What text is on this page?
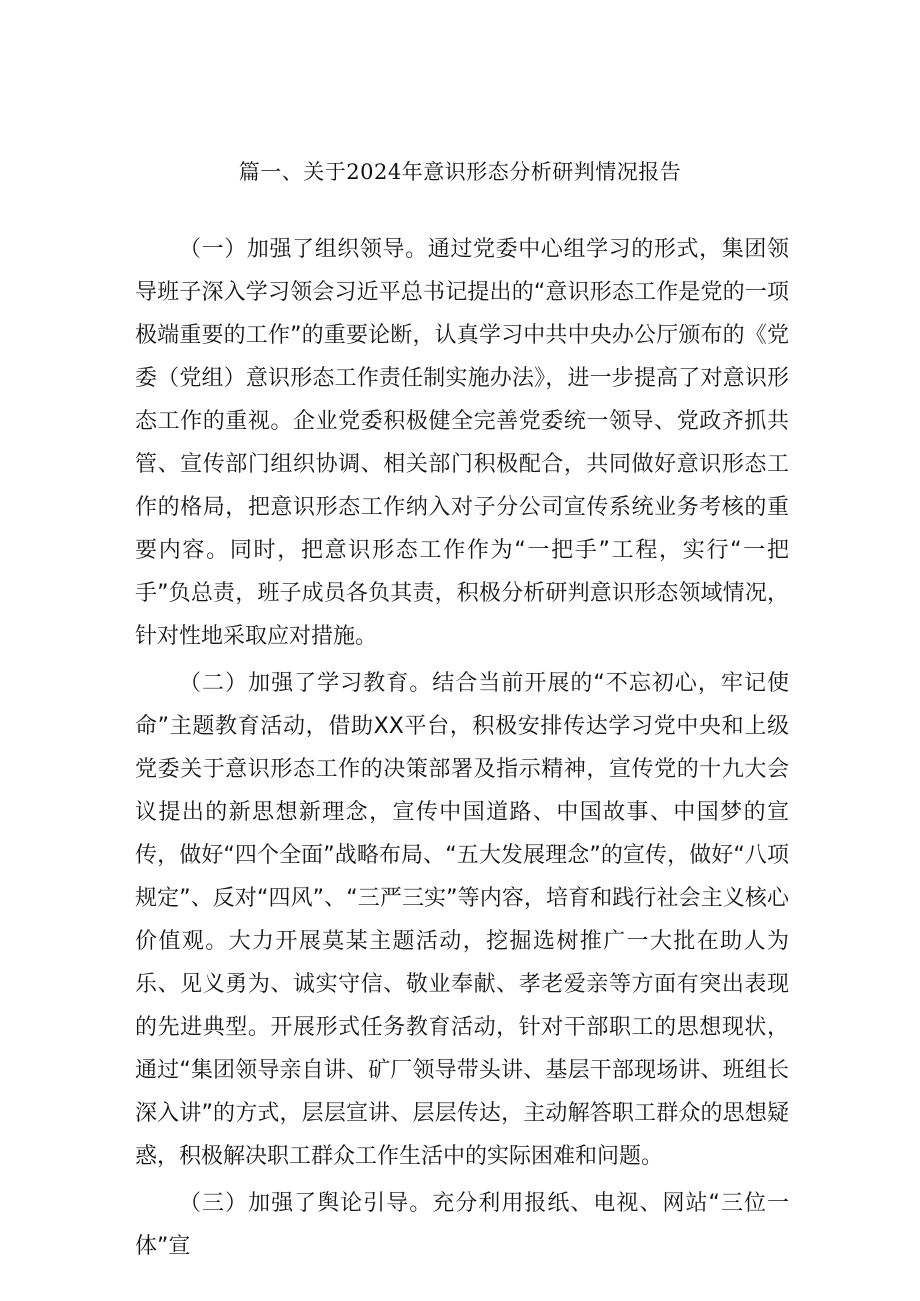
篇一、关于2024年意识形态分析研判情况报告

（一）加强了组织领导。通过党委中心组学习的形式，集团领导班子深入学习领会习近平总书记提出的“意识形态工作是党的一项极端重要的工作”的重要论断，认真学习中共中央办公厅颁布的《党委（党组）意识形态工作责任制实施办法》，进一步提高了对意识形态工作的重视。企业党委积极健全完善党委统一领导、党政齐抓共管、宣传部门组织协调、相关部门积极配合，共同做好意识形态工作的格局，把意识形态工作纳入对子分公司宣传系统业务考核的重要内容。同时，把意识形态工作作为“一把手”工程，实行“一把手”负总责，班子成员各负其责，积极分析研判意识形态领域情况，针对性地采取应对措施。

（二）加强了学习教育。结合当前开展的“不忘初心，牢记使命”主题教育活动，借助XX平台，积极安排传达学习党中央和上级党委关于意识形态工作的决策部署及指示精神，宣传党的十九大会议提出的新思想新理念，宣传中国道路、中国故事、中国梦的宣传，做好“四个全面”战略布局、“五大发展理念”的宣传，做好“八项规定”、反对“四风”、“三严三实”等内容，培育和践行社会主义核心价值观。大力开展莫某主题活动，挖掘选树推广一大批在助人为乐、见义勇为、诚实守信、敬业奉献、孝老爱亲等方面有突出表现的先进典型。开展形式任务教育活动，针对干部职工的思想现状，通过“集团领导亲自讲、矿厂领导带头讲、基层干部现场讲、班组长深入讲”的方式，层层宣讲、层层传达，主动解答职工群众的思想疑惑，积极解决职工群众工作生活中的实际困难和问题。

（三）加强了舆论引导。充分利用报纸、电视、网站“三位一体”宣
